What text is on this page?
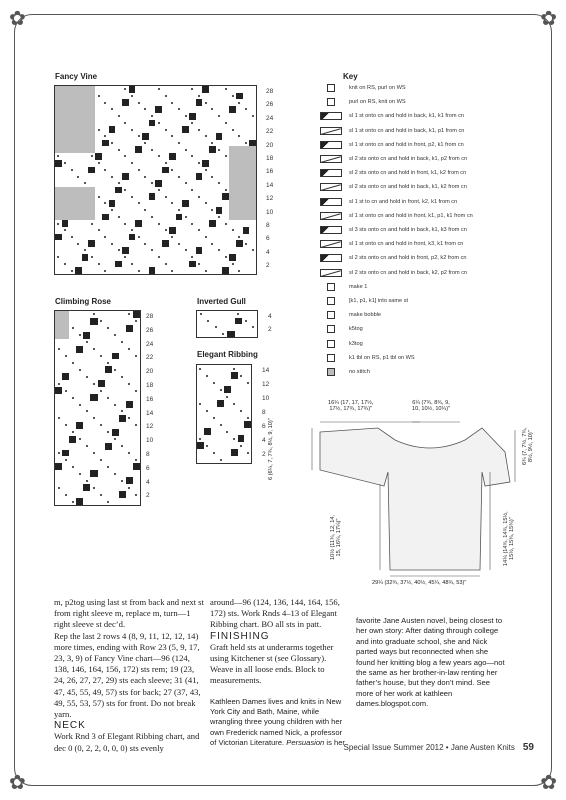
✿	✿
✿	✿
Fancy Vine
28
26
24
22
20
18
16
14
12
10
8
6
4
2
Climbing Rose
28
26
24
22
20
18
16
14
12
10
8
6
4
2
Inverted Gull
4
2
Elegant Ribbing
14
12
10
8
6
4
2
Key
knit on RS, purl on WS
purl on RS, knit on WS
sl 1 st onto cn and hold in back, k1, k1 from cn
sl 1 st onto cn and hold in back, k1, p1 from cn
sl 1 st onto cn and hold in front, p2, k1 from cn
sl 2 sts onto cn and hold in back, k1, p2 from cn
sl 2 sts onto cn and hold in front, k1, k2 from cn
sl 2 sts onto cn and hold in back, k1, k2 from cn
sl 1 st to cn and hold in front, k2, k1 from cn
sl 1 st onto cn and hold in front, k1, p1, k1 from cn
sl 3 sts onto cn and hold in back, k1, k3 from cn
sl 1 st onto cn and hold in front, k3, k1 from cn
sl 2 sts onto cn and hold in front, p2, k2 from cn
sl 2 sts onto cn and hold in back, k2, p2 from cn
make 1
[k1, p1, k1] into same st
make bobble
k5tog
k3tog
k1 tbl on RS, p1 tbl on WS
no stitch
16¼ (17, 17, 17½,
17½, 17¾, 17¾)"
6¼ (7¾, 8¾, 9,
10, 10½, 10¼)"
6 (6¼, 7, 7¾, 8½, 9, 10)"
10½ (11¾, 12, 14,
15, 16¼, 17¼)"
6¾ (7, 7½, 7¾,
8½, 9½, 10)"
14¼ (14¾, 14¾, 15½,
15½, 15¾, 15¾)"
29¼ (32¾, 37½, 40½, 45¼, 48¾, 53)"

m, p2tog using last st from back and next st from right sleeve m, replace m, turn—1 right sleeve st dec’d.

Rep the last 2 rows 4 (8, 9, 11, 12, 12, 14) more times, ending with Row 23 (5, 9, 17, 23, 3, 9) of Fancy Vine chart—96 (124, 138, 146, 164, 156, 172) sts rem; 19 (23, 24, 26, 27, 27, 29) sts each sleeve; 31 (41, 47, 45, 55, 49, 57) sts for back; 27 (37, 43, 49, 55, 53, 57) sts for front. Do not break yarn.

NECK

Work Rnd 3 of Elegant Ribbing chart, and dec 0 (0, 2, 2, 0, 0, 0) sts evenly

around—96 (124, 136, 144, 164, 156, 172) sts. Work Rnds 4–13 of Elegant Ribbing chart. BO all sts in patt.

FINISHING

Graft held sts at underarms together using Kitchener st (see Glossary). Weave in all loose ends. Block to measurements.

Kathleen Dames lives and knits in New York City and Bath, Maine, while wrangling three young children with her own Frederick named Nick, a professor of Victorian Literature. Persuasion is her

favorite Jane Austen novel, being closest to her own story: After dating through college and into graduate school, she and Nick parted ways but reconnected when she found her knitting blog a few years ago—not the same as her brother-in-law renting her father’s house, but they don’t mind. See more of her work at kathleen dames.blogspot.com.

Special Issue Summer 2012 • Jane Austen Knits 59
